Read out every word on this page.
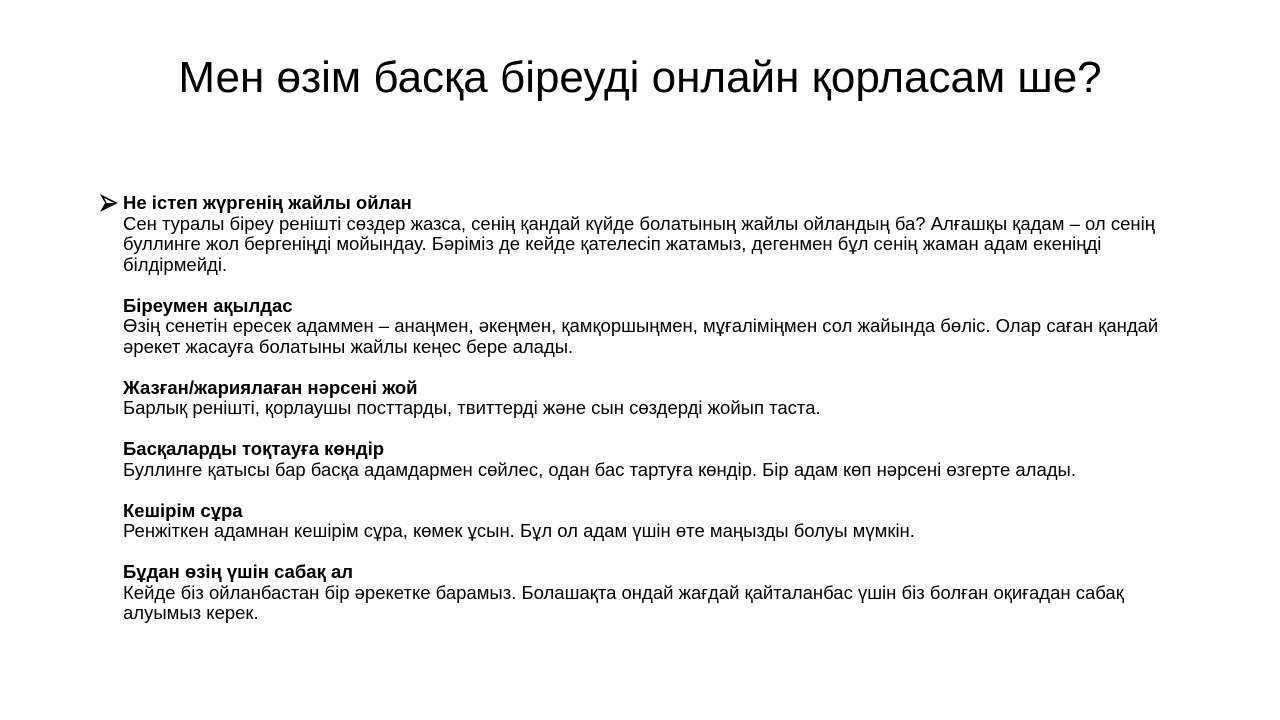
Мен өзім басқа біреуді онлайн қорласам ше?
Не істеп жүргенің жайлы ойлан
Сен туралы біреу ренішті сөздер жазса, сенің қандай күйде болатының жайлы ойландың ба? Алғашқы қадам – ол сенің буллинге жол бергеніңді мойындау. Бәріміз де кейде қателесіп жатамыз, дегенмен бұл сенің жаман адам екеніңді білдірмейді.
Біреумен ақылдас
Өзің сенетін ересек адаммен – анаңмен, әкеңмен, қамқоршыңмен, мұғаліміңмен сол жайында бөліс. Олар саған қандай әрекет жасауға болатыны жайлы кеңес бере алады.
Жазған/жариялаған нәрсені жой
Барлық ренішті, қорлаушы посттарды, твиттерді және сын сөздерді жойып таста.
Басқаларды тоқтауға көндір
Буллинге қатысы бар басқа адамдармен сөйлес, одан бас тартуға көндір. Бір адам көп нәрсені өзгерте алады.
Кешірім сұра
Ренжіткен адамнан кешірім сұра, көмек ұсын. Бұл ол адам үшін өте маңызды болуы мүмкін.
Бұдан өзің үшін сабақ ал
Кейде біз ойланбастан бір әрекетке барамыз. Болашақта ондай жағдай қайталанбас үшін біз болған оқиғадан сабақ алуымыз керек.
